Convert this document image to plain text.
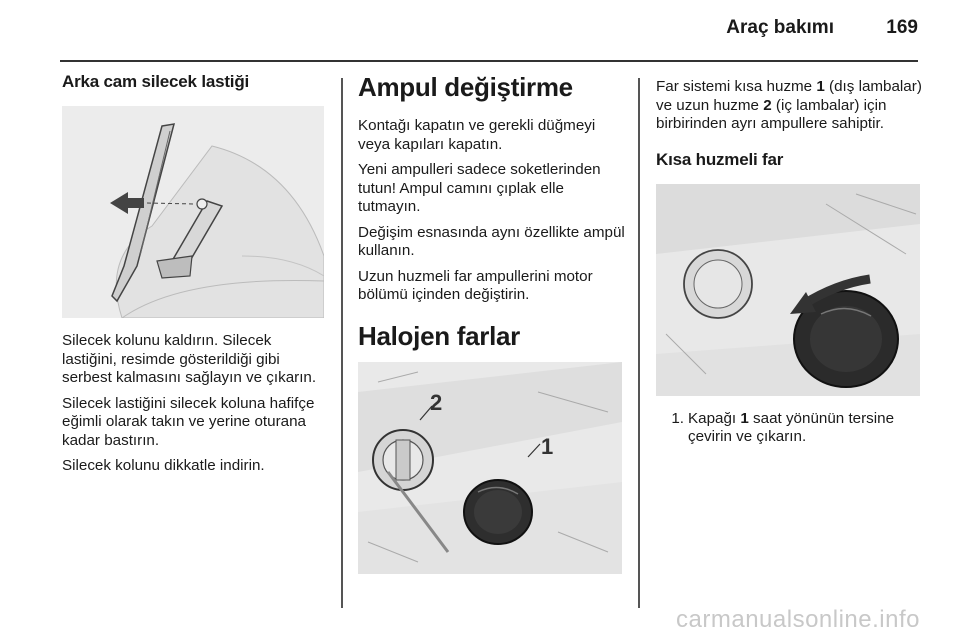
Araç bakımı	169
Arka cam silecek lastiği

Silecek kolunu kaldırın. Silecek lastiğini, resimde gösterildiği gibi serbest kalmasını sağlayın ve çıkarın.

Silecek lastiğini silecek koluna hafifçe eğimli olarak takın ve yerine oturana kadar bastırın.

Silecek kolunu dikkatle indirin.

Ampul değiştirme

Kontağı kapatın ve gerekli düğmeyi veya kapıları kapatın.

Yeni ampulleri sadece soketlerinden tutun! Ampul camını çıplak elle tutmayın.

Değişim esnasında aynı özellikte ampül kullanın.

Uzun huzmeli far ampullerini motor bölümü içinden değiştirin.

Halojen farlar
2
1

Far sistemi kısa huzme 1 (dış lambalar) ve uzun huzme 2 (iç lambalar) için birbirinden ayrı ampullere sahiptir.

Kısa huzmeli far
1. Kapağı 1 saat yönünün tersine çevirin ve çıkarın.
carmanualsonline.info
